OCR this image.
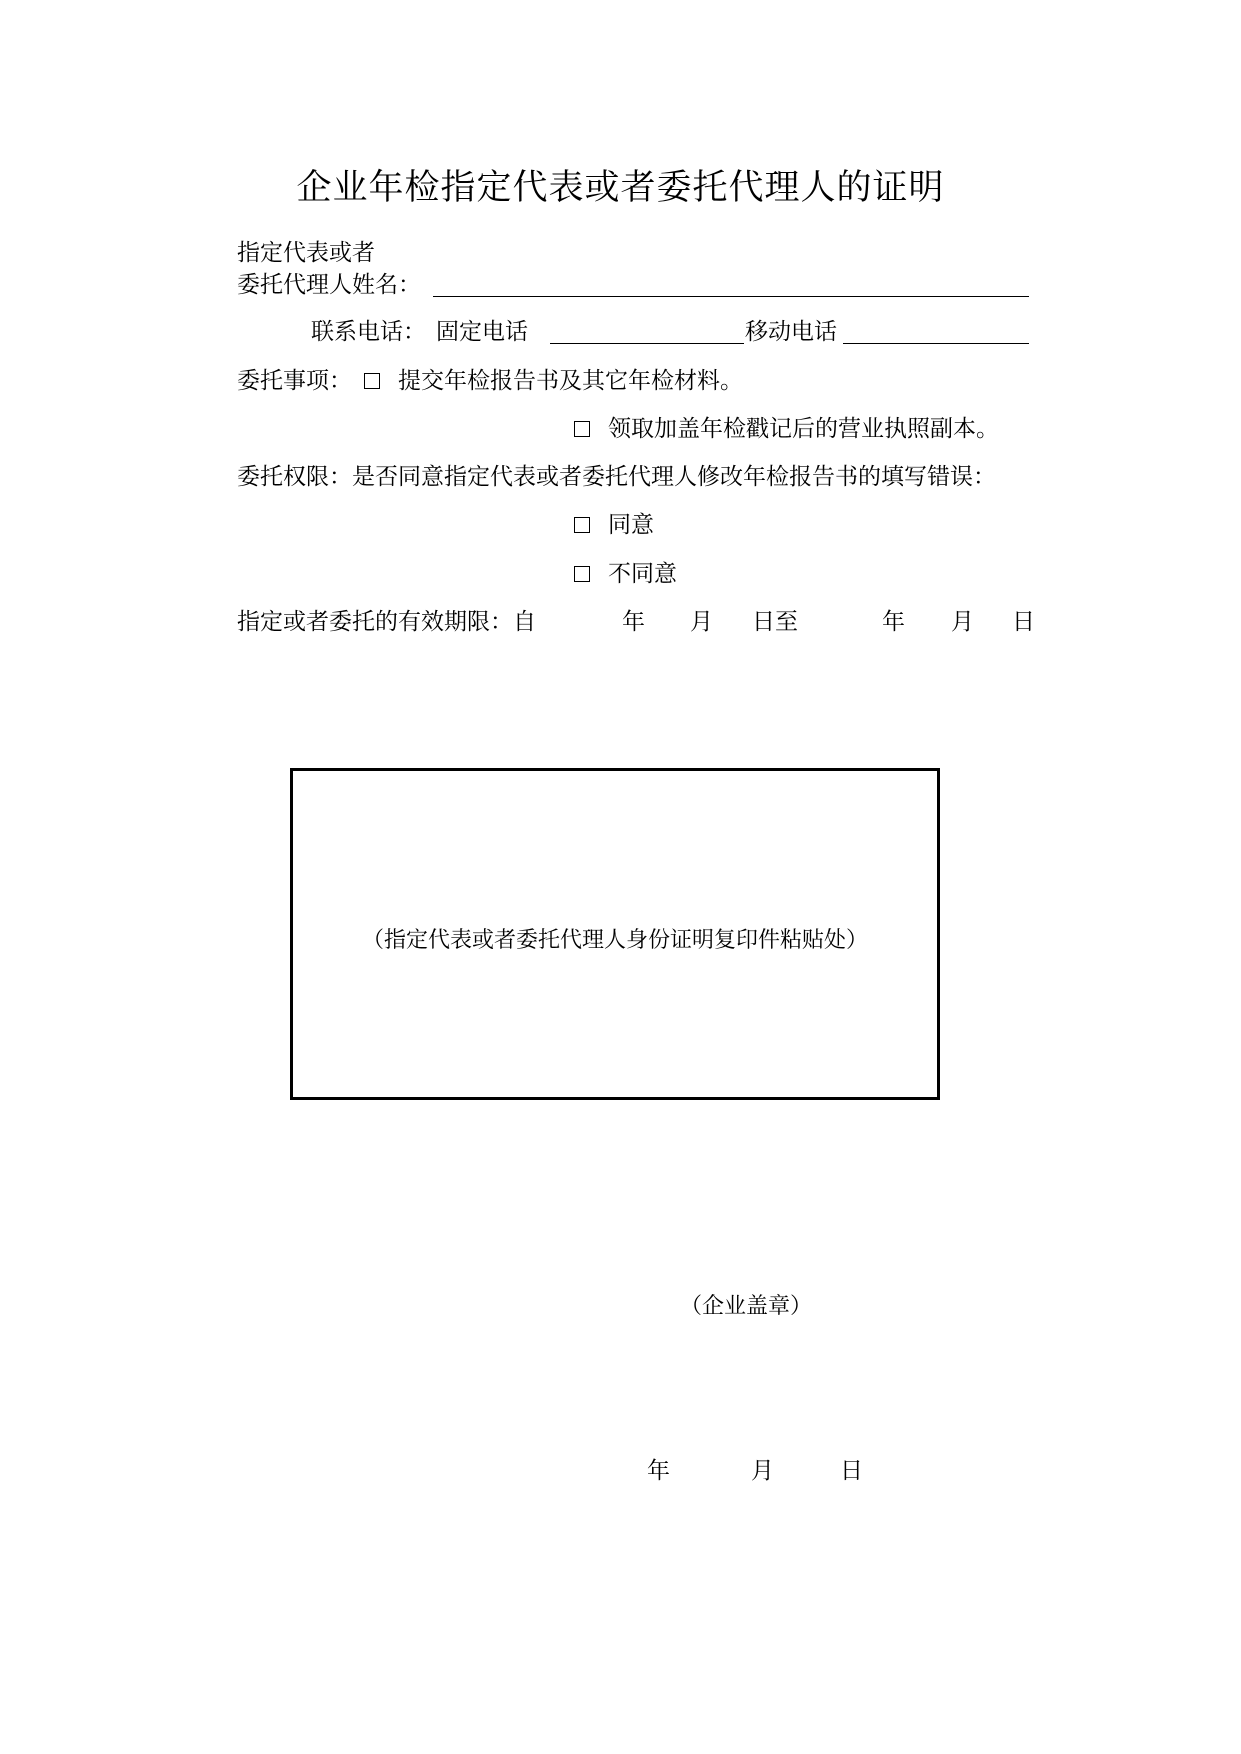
企业年检指定代表或者委托代理人的证明
指定代表或者
委托代理人姓名：
联系电话： 固定电话	移动电话
委托事项：	提交年检报告书及其它年检材料。
领取加盖年检戳记后的营业执照副本。
委托权限：是否同意指定代表或者委托代理人修改年检报告书的填写错误：
同意
不同意
指定或者委托的有效期限：自	年 月 日至	年 月 日
（指定代表或者委托代理人身份证明复印件粘贴处）
（企业盖章）
年	月	日
